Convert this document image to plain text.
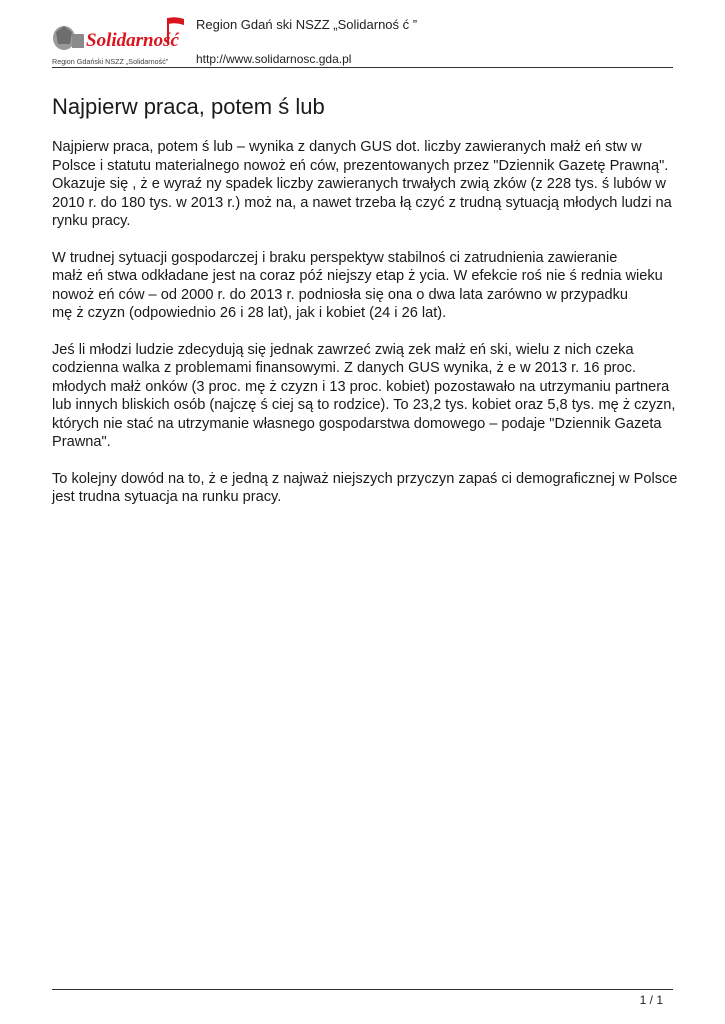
Solidarność
Region Gdański NSZZ „Solidarność”
Region Gdań ski NSZZ „Solidarnoś ć ”
http://www.solidarnosc.gda.pl
Najpierw praca, potem ś lub

Najpierw praca, potem ś lub – wynika z danych GUS dot. liczby zawieranych małż eń stw w
Polsce i statutu materialnego nowoż eń ców, prezentowanych przez "Dziennik Gazetę Prawną".
Okazuje się , ż e wyraź ny spadek liczby zawieranych trwałych zwią zków (z 228 tys. ś lubów w
2010 r. do 180 tys. w 2013 r.) moż na, a nawet trzeba łą czyć z trudną sytuacją młodych ludzi na
rynku pracy.

W trudnej sytuacji gospodarczej i braku perspektyw stabilnoś ci zatrudnienia zawieranie
małż eń stwa odkładane jest na coraz póź niejszy etap ż ycia. W efekcie roś nie ś rednia wieku
nowoż eń ców – od 2000 r. do 2013 r. podniosła się ona o dwa lata zarówno w przypadku
mę ż czyzn (odpowiednio 26 i 28 lat), jak i kobiet (24 i 26 lat).

Jeś li młodzi ludzie zdecydują się jednak zawrzeć zwią zek małż eń ski, wielu z nich czeka
codzienna walka z problemami finansowymi. Z danych GUS wynika, ż e w 2013 r. 16 proc.
młodych małż onków (3 proc. mę ż czyzn i 13 proc. kobiet) pozostawało na utrzymaniu partnera
lub innych bliskich osób (najczę ś ciej są to rodzice). To 23,2 tys. kobiet oraz 5,8 tys. mę ż czyzn,
których nie stać na utrzymanie własnego gospodarstwa domowego – podaje "Dziennik Gazeta
Prawna".

To kolejny dowód na to, ż e jedną z najważ niejszych przyczyn zapaś ci demograficznej w Polsce
jest trudna sytuacja na runku pracy.

1 / 1
